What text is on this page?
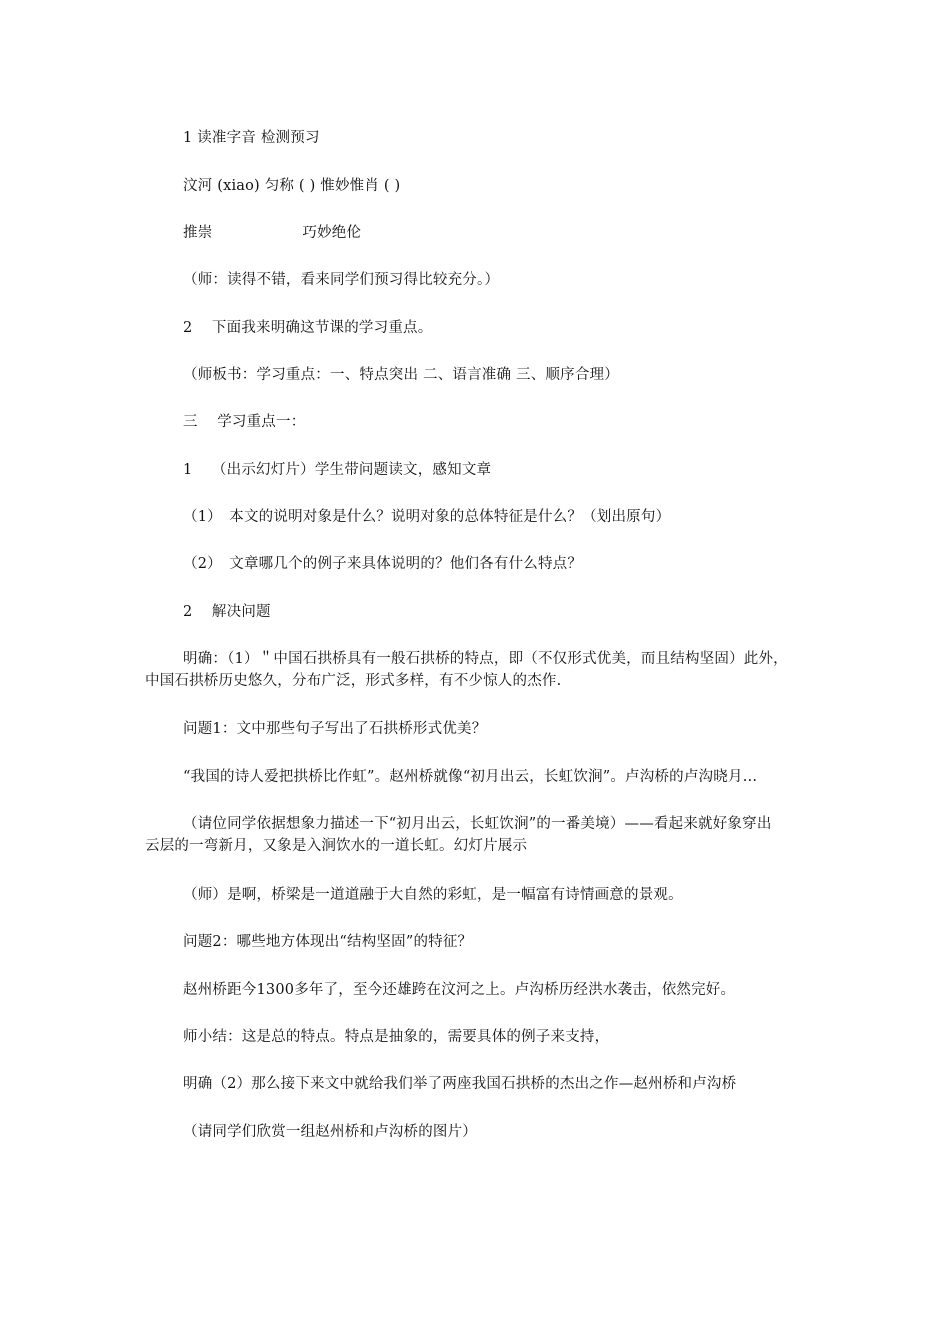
1 读准字音 检测预习
汶河 (xiao) 匀称 ( ) 惟妙惟肖 ( )
推崇	巧妙绝伦
（师：读得不错，看来同学们预习得比较充分。）
2　 下面我来明确这节课的学习重点。
（师板书：学习重点：一、特点突出 二、语言准确 三、顺序合理）
三　 学习重点一：
1　 （出示幻灯片）学生带问题读文，感知文章
（1）　本文的说明对象是什么？说明对象的总体特征是什么？（划出原句）
（2）　文章哪几个的例子来具体说明的？他们各有什么特点？
2　 解决问题
明确：（1）＂中国石拱桥具有一般石拱桥的特点，即（不仅形式优美，而且结构坚固）此外，
中国石拱桥历史悠久，分布广泛，形式多样，有不少惊人的杰作.
问题1：文中那些句子写出了石拱桥形式优美？
“我国的诗人爱把拱桥比作虹”。赵州桥就像“初月出云，长虹饮涧”。卢沟桥的卢沟晓月…
（请位同学依据想象力描述一下“初月出云，长虹饮涧”的一番美境）——看起来就好象穿出
云层的一弯新月，又象是入涧饮水的一道长虹。幻灯片展示
（师）是啊，桥梁是一道道融于大自然的彩虹，是一幅富有诗情画意的景观。
问题2：哪些地方体现出“结构坚固”的特征？
赵州桥距今1300多年了，至今还雄跨在汶河之上。卢沟桥历经洪水袭击，依然完好。
师小结：这是总的特点。特点是抽象的，需要具体的例子来支持，
明确（2）那么接下来文中就给我们举了两座我国石拱桥的杰出之作—赵州桥和卢沟桥
（请同学们欣赏一组赵州桥和卢沟桥的图片）
